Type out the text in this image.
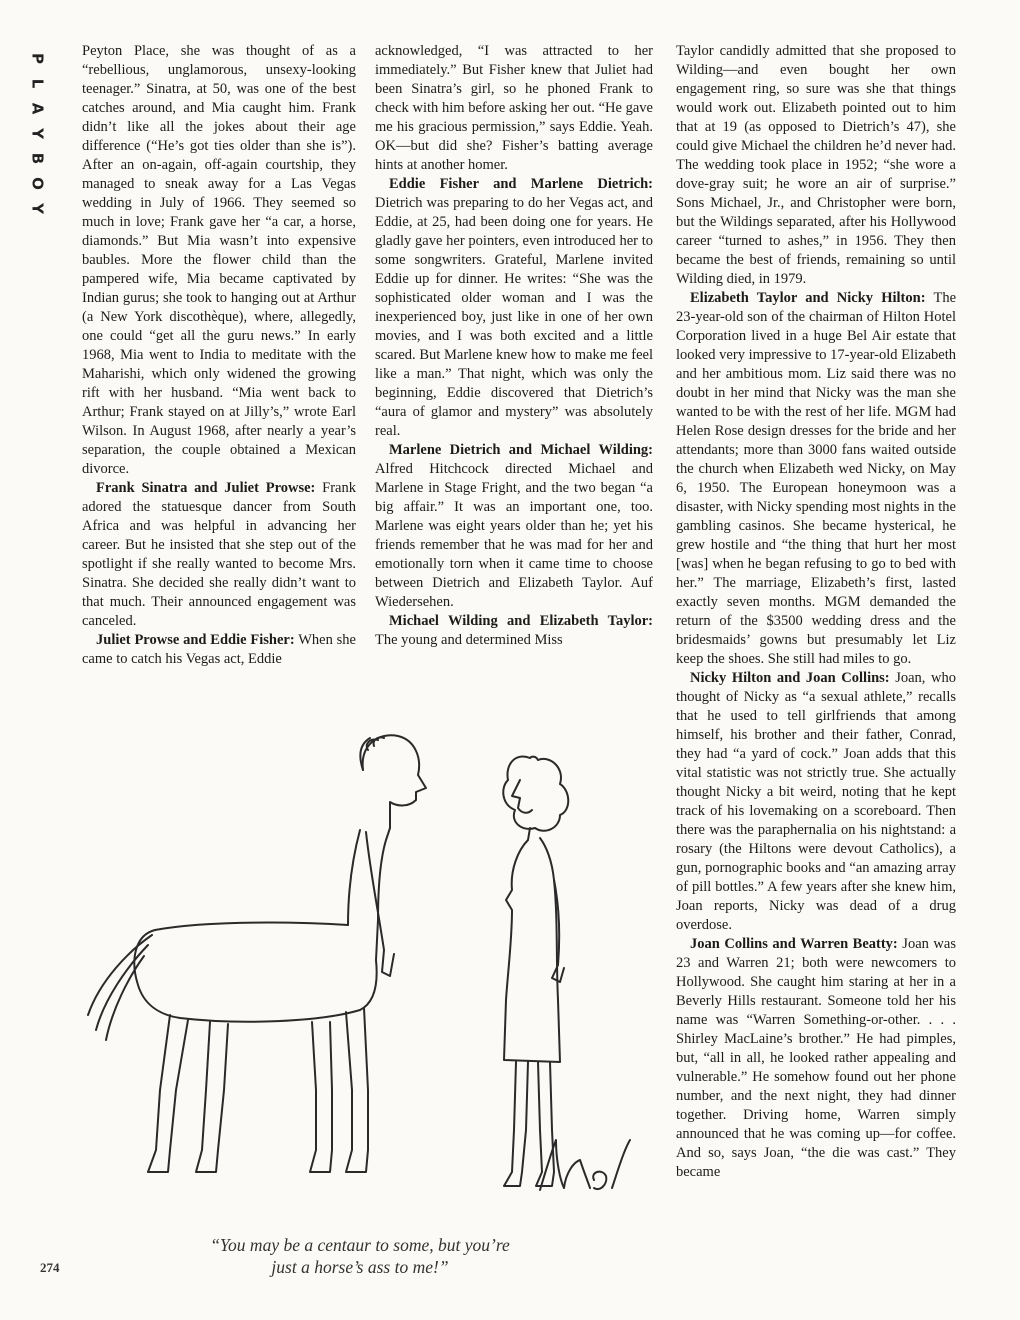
P
L
A
Y
B
O
Y

Peyton Place, she was thought of as a “rebellious, unglamorous, unsexy-looking teenager.” Sinatra, at 50, was one of the best catches around, and Mia caught him. Frank didn’t like all the jokes about their age difference (“He’s got ties older than she is”). After an on-again, off-again courtship, they managed to sneak away for a Las Vegas wedding in July of 1966. They seemed so much in love; Frank gave her “a car, a horse, diamonds.” But Mia wasn’t into expensive baubles. More the flower child than the pampered wife, Mia became captivated by Indian gurus; she took to hanging out at Arthur (a New York discothèque), where, allegedly, one could “get all the guru news.” In early 1968, Mia went to India to meditate with the Maharishi, which only widened the growing rift with her husband. “Mia went back to Arthur; Frank stayed on at Jilly’s,” wrote Earl Wilson. In August 1968, after nearly a year’s separation, the couple obtained a Mexican divorce.

Frank Sinatra and Juliet Prowse: Frank adored the statuesque dancer from South Africa and was helpful in advancing her career. But he insisted that she step out of the spotlight if she really wanted to become Mrs. Sinatra. She decided she really didn’t want to that much. Their announced engagement was canceled.

Juliet Prowse and Eddie Fisher: When she came to catch his Vegas act, Eddie

acknowledged, “I was attracted to her immediately.” But Fisher knew that Juliet had been Sinatra’s girl, so he phoned Frank to check with him before asking her out. “He gave me his gracious permission,” says Eddie. Yeah. OK—but did she? Fisher’s batting average hints at another homer.

Eddie Fisher and Marlene Dietrich: Dietrich was preparing to do her Vegas act, and Eddie, at 25, had been doing one for years. He gladly gave her pointers, even introduced her to some songwriters. Grateful, Marlene invited Eddie up for dinner. He writes: “She was the sophisticated older woman and I was the inexperienced boy, just like in one of her own movies, and I was both excited and a little scared. But Marlene knew how to make me feel like a man.” That night, which was only the beginning, Eddie discovered that Dietrich’s “aura of glamor and mystery” was absolutely real.

Marlene Dietrich and Michael Wilding: Alfred Hitchcock directed Michael and Marlene in Stage Fright, and the two began “a big affair.” It was an important one, too. Marlene was eight years older than he; yet his friends remember that he was mad for her and emotionally torn when it came time to choose between Dietrich and Elizabeth Taylor. Auf Wiedersehen.

Michael Wilding and Elizabeth Taylor: The young and determined Miss

Taylor candidly admitted that she proposed to Wilding—and even bought her own engagement ring, so sure was she that things would work out. Elizabeth pointed out to him that at 19 (as opposed to Dietrich’s 47), she could give Michael the children he’d never had. The wedding took place in 1952; “she wore a dove-gray suit; he wore an air of surprise.” Sons Michael, Jr., and Christopher were born, but the Wildings separated, after his Hollywood career “turned to ashes,” in 1956. They then became the best of friends, remaining so until Wilding died, in 1979.

Elizabeth Taylor and Nicky Hilton: The 23-year-old son of the chairman of Hilton Hotel Corporation lived in a huge Bel Air estate that looked very impressive to 17-year-old Elizabeth and her ambitious mom. Liz said there was no doubt in her mind that Nicky was the man she wanted to be with the rest of her life. MGM had Helen Rose design dresses for the bride and her attendants; more than 3000 fans waited outside the church when Elizabeth wed Nicky, on May 6, 1950. The European honeymoon was a disaster, with Nicky spending most nights in the gambling casinos. She became hysterical, he grew hostile and “the thing that hurt her most [was] when he began refusing to go to bed with her.” The marriage, Elizabeth’s first, lasted exactly seven months. MGM demanded the return of the $3500 wedding dress and the bridesmaids’ gowns but presumably let Liz keep the shoes. She still had miles to go.

Nicky Hilton and Joan Collins: Joan, who thought of Nicky as “a sexual athlete,” recalls that he used to tell girlfriends that among himself, his brother and their father, Conrad, they had “a yard of cock.” Joan adds that this vital statistic was not strictly true. She actually thought Nicky a bit weird, noting that he kept track of his lovemaking on a scoreboard. Then there was the paraphernalia on his nightstand: a rosary (the Hiltons were devout Catholics), a gun, pornographic books and “an amazing array of pill bottles.” A few years after she knew him, Joan reports, Nicky was dead of a drug overdose.

Joan Collins and Warren Beatty: Joan was 23 and Warren 21; both were newcomers to Hollywood. She caught him staring at her in a Beverly Hills restaurant. Someone told her his name was “Warren Something-or-other. . . . Shirley MacLaine’s brother.” He had pimples, but, “all in all, he looked rather appealing and vulnerable.” He somehow found out her phone number, and the next night, they had dinner together. Driving home, Warren simply announced that he was coming up—for coffee. And so, says Joan, “the die was cast.” They became

“You may be a centaur to some, but you’re
just a horse’s ass to me!”
274
